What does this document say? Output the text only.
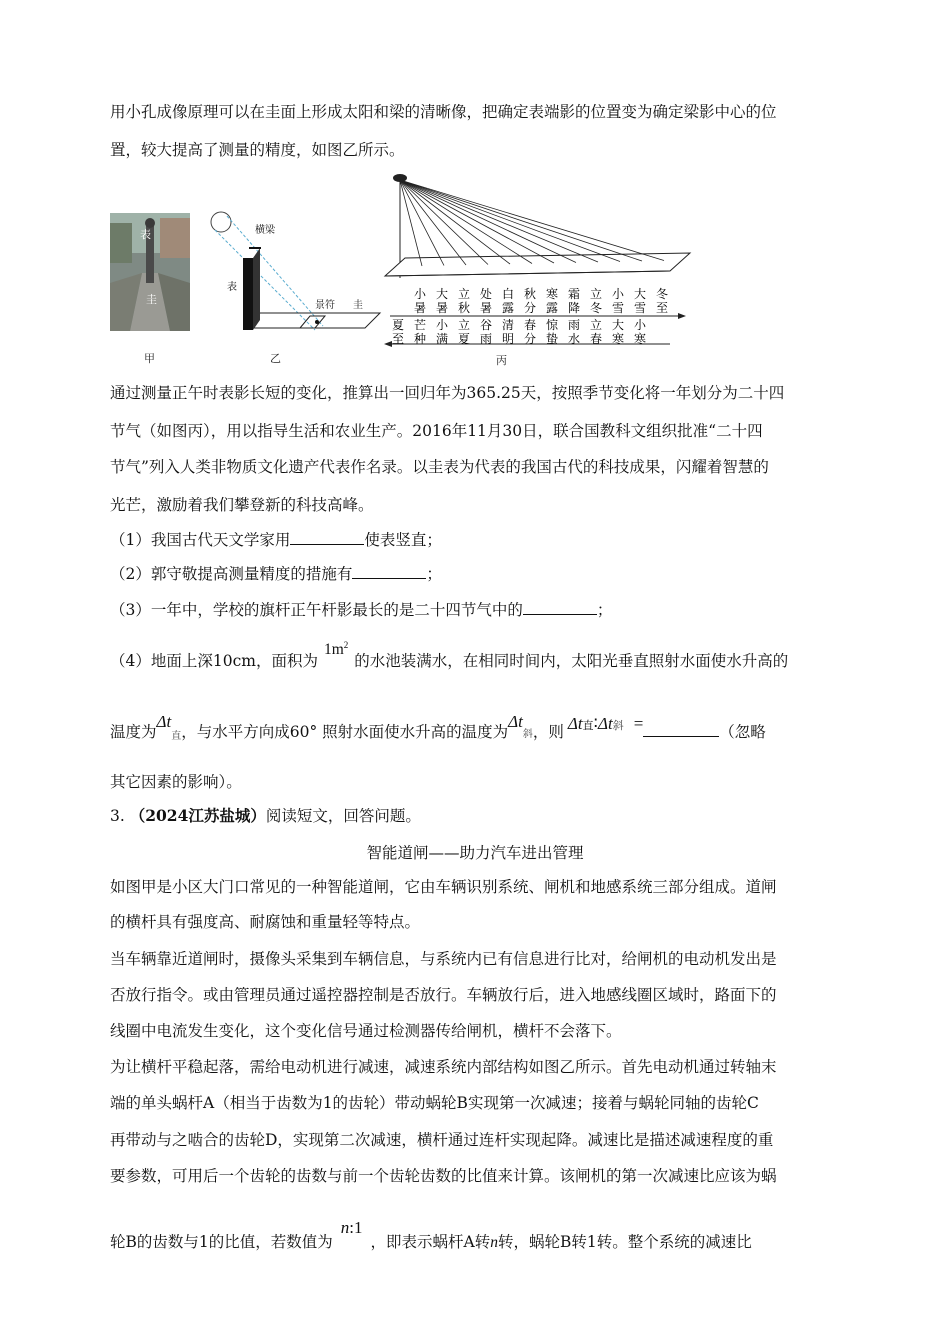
用小孔成像原理可以在圭面上形成太阳和梁的清晰像，把确定表端影的位置变为确定梁影中心的位
置，较大提高了测量的精度，如图乙所示。
表
圭
甲
横梁
表
景符 圭
乙
小
暑
大
暑
立
秋
处
暑
白
露
秋
分
寒
露
霜
降
立
冬
小
雪
大
雪
冬
至
夏
至
芒
种
小
满
立
夏
谷
雨
清
明
春
分
惊
蛰
雨
水
立
春
大
寒
小
寒
丙
通过测量正午时表影长短的变化，推算出一回归年为365.25天，按照季节变化将一年划分为二十四
节气（如图丙），用以指导生活和农业生产。2016年11月30日，联合国教科文组织批准“二十四
节气”列入人类非物质文化遗产代表作名录。以圭表为代表的我国古代的科技成果，闪耀着智慧的
光芒，激励着我们攀登新的科技高峰。
（1）我国古代天文学家用	使表竖直；
（2）郭守敬提高测量精度的措施有	；
（3）一年中，学校的旗杆正午杆影最长的是二十四节气中的	；
（4）地面上深10cm，面积为$1m^2$的水池装满水，在相同时间内，太阳光垂直照射水面使水升高的
温度为$\Delta t_直$，与水平方向成60° 照射水面使水升高的温度为$\Delta t_斜$，则 Δt直∶Δt斜 =	（忽略
其它因素的影响）。
3. （2024江苏盐城）阅读短文，回答问题。
智能道闸——助力汽车进出管理
如图甲是小区大门口常见的一种智能道闸，它由车辆识别系统、闸机和地感系统三部分组成。道闸
的横杆具有强度高、耐腐蚀和重量轻等特点。
当车辆靠近道闸时，摄像头采集到车辆信息，与系统内已有信息进行比对，给闸机的电动机发出是
否放行指令。或由管理员通过遥控器控制是否放行。车辆放行后，进入地感线圈区域时，路面下的
线圈中电流发生变化，这个变化信号通过检测器传给闸机，横杆不会落下。
为让横杆平稳起落，需给电动机进行减速，减速系统内部结构如图乙所示。首先电动机通过转轴末
端的单头蜗杆A（相当于齿数为1的齿轮）带动蜗轮B实现第一次减速；接着与蜗轮同轴的齿轮C
再带动与之啮合的齿轮D，实现第二次减速，横杆通过连杆实现起降。减速比是描述减速程度的重
要参数，可用后一个齿轮的齿数与前一个齿轮齿数的比值来计算。该闸机的第一次减速比应该为蜗
轮B的齿数与1的比值，若数值为n:1，即表示蜗杆A转n转，蜗轮B转1转。整个系统的减速比
